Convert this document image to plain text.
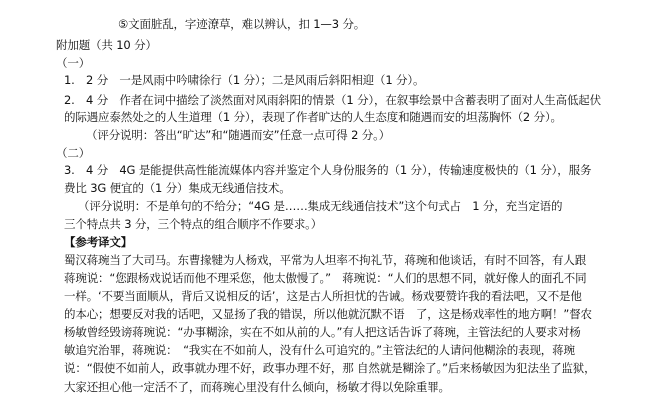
⑤文面脏乱，字迹潦草，难以辨认，扣 1—3 分。
附加题（共 10 分）
（一）
1.　2 分　一是风雨中吟啸徐行（1 分）；二是风雨后斜阳相迎（1 分）。
2.　4 分　作者在词中描绘了淡然面对风雨斜阳的情景（1 分），在叙事绘景中含蓄表明了面对人生高低起伏
的际遇应泰然处之的人生道理（1 分），表现了作者旷达的人生态度和随遇而安的坦荡胸怀（2 分）。
（评分说明：答出“旷达”和“随遇而安”任意一点可得 2 分。）
（二）
3.　4 分　4G 是能提供高性能流媒体内容并鉴定个人身份服务的（1 分），传输速度极快的（1 分），服务
费比 3G 便宜的（1 分）集成无线通信技术。
（评分说明：不是单句的不给分；“4G 是……集成无线通信技术”这个句式占　1 分，充当定语的
三个特点共 3 分，三个特点的组合顺序不作要求。）
【参考译文】
蜀汉蒋琬当了大司马。东曹掾犍为人杨戏，平常为人坦率不拘礼节，蒋琬和他谈话，有时不回答，有人跟
蒋琬说：“您跟杨戏说话而他不理采您，他太傲慢了。”　蒋琬说：“人们的思想不同，就好像人的面孔不同
一样。‘不要当面顺从，背后又说相反的话’，这是古人所担忧的告诫。杨戏要赞许我的看法吧，又不是他
的本心；想要反对我的话吧，又显扬了我的错误，所以他就沉默不语　了，这是杨戏率性的地方啊！”督农
杨敏曾经毁谤蒋琬说：“办事糊涂，实在不如从前的人。”有人把这话告诉了蒋琬，主管法纪的人要求对杨
敏追究治罪，蒋琬说：　“我实在不如前人，没有什么可追究的。”主管法纪的人请问他糊涂的表现，蒋琬
说：“假使不如前人，政事就办理不好，政事办理不好，那 自然就是糊涂了。”后来杨敏因为犯法坐了监狱，
大家还担心他一定活不了，而蒋琬心里没有什么倾向，杨敏才得以免除重罪。
